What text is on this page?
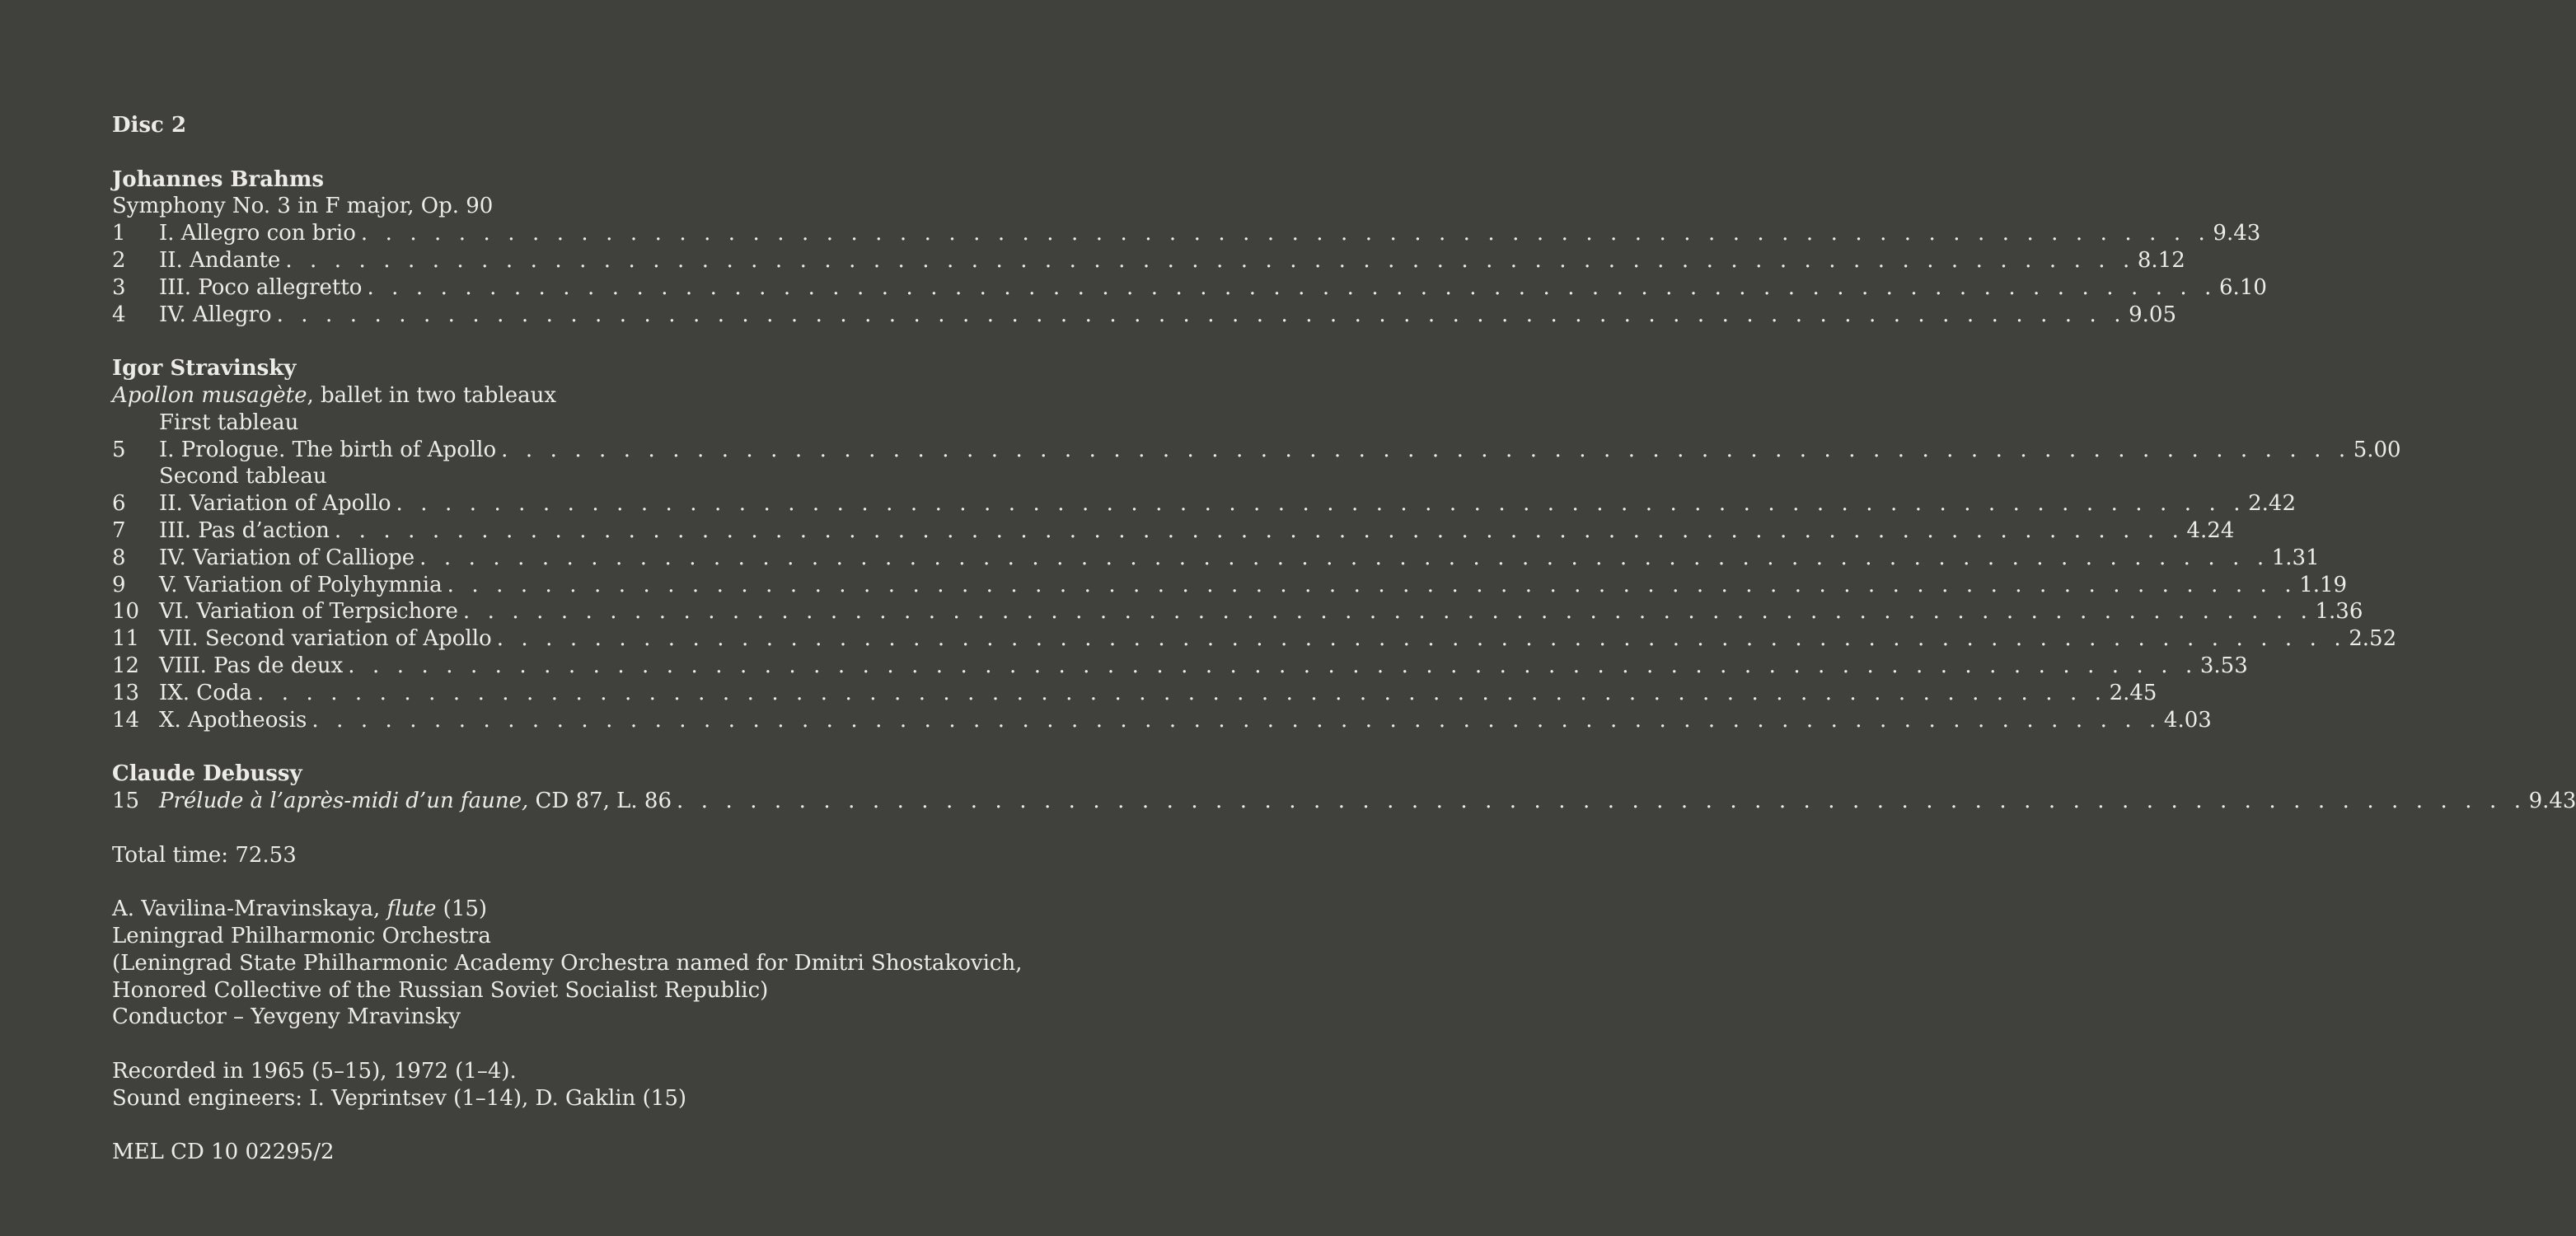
Disc 2
Johannes Brahms
Symphony No. 3 in F major, Op. 90
1	I. Allegro con brio . . . . . . . . . . . . . . . . . . . . . . . . . . . . . . . . . . . . . . . . . . . . . . . . . . . . . . . . . . . . . . . . . . . . . . . . . . . . 9.43
2	II. Andante . . . . . . . . . . . . . . . . . . . . . . . . . . . . . . . . . . . . . . . . . . . . . . . . . . . . . . . . . . . . . . . . . . . . . . . . . . . . 8.12
3	III. Poco allegretto . . . . . . . . . . . . . . . . . . . . . . . . . . . . . . . . . . . . . . . . . . . . . . . . . . . . . . . . . . . . . . . . . . . . . . . . . . . . 6.10
4	IV. Allegro . . . . . . . . . . . . . . . . . . . . . . . . . . . . . . . . . . . . . . . . . . . . . . . . . . . . . . . . . . . . . . . . . . . . . . . . . . . . 9.05
Igor Stravinsky
Apollon musagète, ballet in two tableaux
First tableau
5	I. Prologue. The birth of Apollo . . . . . . . . . . . . . . . . . . . . . . . . . . . . . . . . . . . . . . . . . . . . . . . . . . . . . . . . . . . . . . . . . . . . . . . . . . . . 5.00
Second tableau
6	II. Variation of Apollo . . . . . . . . . . . . . . . . . . . . . . . . . . . . . . . . . . . . . . . . . . . . . . . . . . . . . . . . . . . . . . . . . . . . . . . . . . . . 2.42
7	III. Pas d’action . . . . . . . . . . . . . . . . . . . . . . . . . . . . . . . . . . . . . . . . . . . . . . . . . . . . . . . . . . . . . . . . . . . . . . . . . . . . 4.24
8	IV. Variation of Calliope . . . . . . . . . . . . . . . . . . . . . . . . . . . . . . . . . . . . . . . . . . . . . . . . . . . . . . . . . . . . . . . . . . . . . . . . . . . . 1.31
9	V. Variation of Polyhymnia . . . . . . . . . . . . . . . . . . . . . . . . . . . . . . . . . . . . . . . . . . . . . . . . . . . . . . . . . . . . . . . . . . . . . . . . . . . . 1.19
10 VI. Variation of Terpsichore . . . . . . . . . . . . . . . . . . . . . . . . . . . . . . . . . . . . . . . . . . . . . . . . . . . . . . . . . . . . . . . . . . . . . . . . . . . . 1.36
11 VII. Second variation of Apollo . . . . . . . . . . . . . . . . . . . . . . . . . . . . . . . . . . . . . . . . . . . . . . . . . . . . . . . . . . . . . . . . . . . . . . . . . . . . 2.52
12 VIII. Pas de deux . . . . . . . . . . . . . . . . . . . . . . . . . . . . . . . . . . . . . . . . . . . . . . . . . . . . . . . . . . . . . . . . . . . . . . . . . . . . 3.53
13 IX. Coda . . . . . . . . . . . . . . . . . . . . . . . . . . . . . . . . . . . . . . . . . . . . . . . . . . . . . . . . . . . . . . . . . . . . . . . . . . . . 2.45
14 X. Apotheosis . . . . . . . . . . . . . . . . . . . . . . . . . . . . . . . . . . . . . . . . . . . . . . . . . . . . . . . . . . . . . . . . . . . . . . . . . . . . 4.03
Claude Debussy
15 Prélude à l’après-midi d’un faune, CD 87, L. 86 . . . . . . . . . . . . . . . . . . . . . . . . . . . . . . . . . . . . . . . . . . . . . . . . . . . . . . . . . . . . . . . . . . . . . . . . . . . . 9.43
Total time: 72.53
A. Vavilina-Mravinskaya, flute (15)
Leningrad Philharmonic Orchestra
(Leningrad State Philharmonic Academy Orchestra named for Dmitri Shostakovich,
Honored Collective of the Russian Soviet Socialist Republic)
Conductor – Yevgeny Mravinsky
Recorded in 1965 (5–15), 1972 (1–4).
Sound engineers: I. Veprintsev (1–14), D. Gaklin (15)
MEL CD 10 02295/2
